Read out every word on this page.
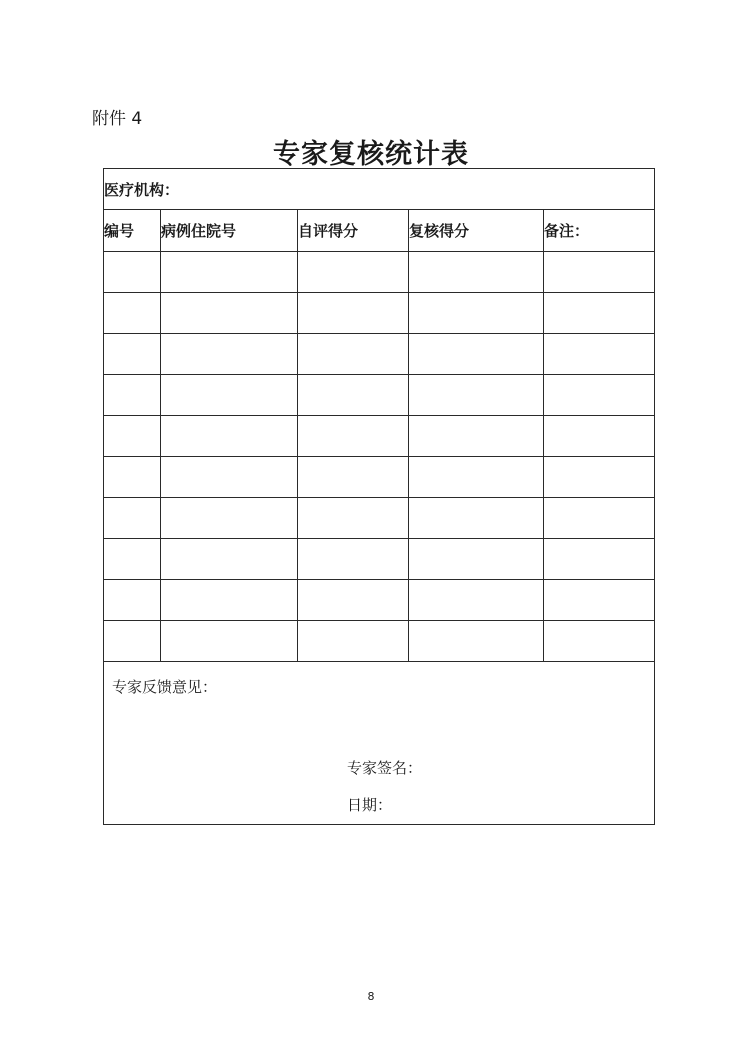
附件 4
专家复核统计表
医疗机构：				
编号	病例住院号	自评得分	复核得分	备注：

专家反馈意见：
专家签名：
日期：				
8
